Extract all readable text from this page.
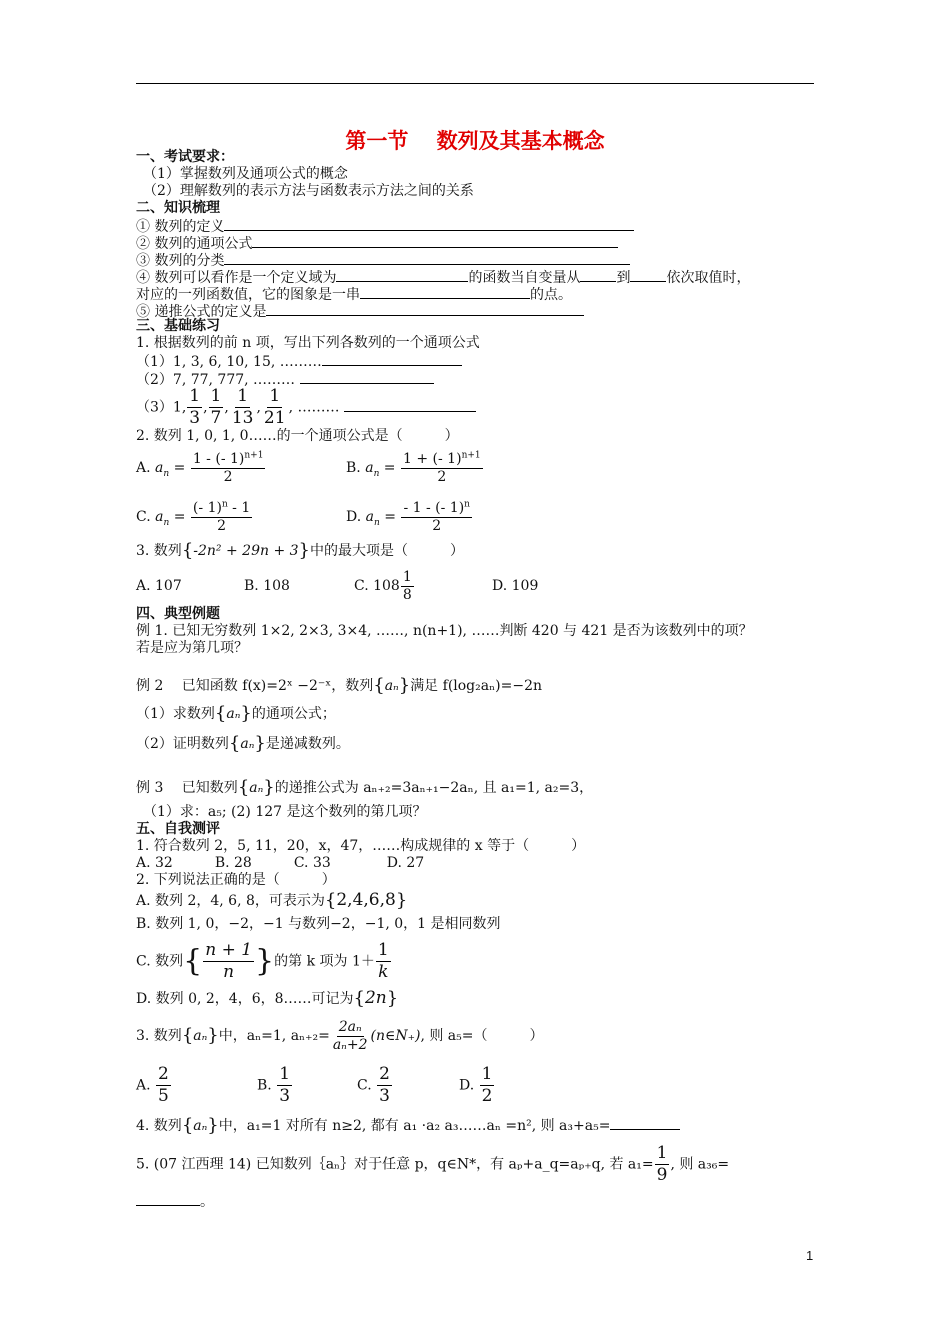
第一节　 数列及其基本概念
一、考试要求：
（1）掌握数列及通项公式的概念
（2）理解数列的表示方法与函数表示方法之间的关系
二、知识梳理
① 数列的定义
② 数列的通项公式
③ 数列的分类
④ 数列可以看作是一个定义域为	的函数当自变量从	到	依次取值时，
对应的一列函数值，它的图象是一串	的点。
⑤ 递推公式的定义是
三、基础练习
1. 根据数列的前 n 项，写出下列各数列的一个通项公式
（1）1, 3, 6, 10, 15, ………
（2）7, 77, 777, ………
（3）1, $\frac{1}{3}$ , $\frac{1}{7}$ , $\frac{1}{13}$ , $\frac{1}{21}$ , ………
2. 数列 1, 0, 1, 0……的一个通项公式是（　　　）
A. $a_n = \frac{1 - (- 1)^{n+1}}{2}$	B. $a_n = \frac{1 + (- 1)^{n+1}}{2}$
C. $a_n = \frac{(- 1)^n - 1}{2}$	D. $a_n = \frac{- 1 - (- 1)^n}{2}$
3. 数列{-2n² + 29n + 3}中的最大项是（　　　）
A. 107	B. 108	C. $108 \frac{1}{8}$	D. 109
四、典型例题
例 1. 已知无穷数列 1×2, 2×3, 3×4, ……, n(n+1), ……判断 420 与 421 是否为该数列中的项？
若是应为第几项？
例 2　 已知函数 f(x)=2ˣ −2⁻ˣ，数列{aₙ}满足 f(log₂aₙ)=−2n
（1）求数列{aₙ}的通项公式；
（2）证明数列{aₙ}是递减数列。
例 3　 已知数列{aₙ}的递推公式为 aₙ₊₂=3aₙ₊₁−2aₙ, 且 a₁=1, a₂=3，
（1）求：a₅; (2) 127 是这个数列的第几项？
五、自我测评
1. 符合数列 2，5, 11，20，x，47，……构成规律的 x 等于（　　　）
A. 32　　　B. 28　　　C. 33　　　　D. 27
2. 下列说法正确的是（　　　）
A. 数列 2，4, 6, 8，可表示为{2,4,6,8}
B. 数列 1, 0，−2，−1 与数列−2，−1, 0，1 是相同数列
C. 数列{ $\frac{n + 1}{n}$ }的第 k 项为 $1+ \frac{1}{k}$
D. 数列 0, 2，4，6，8……可记为{2n}
3. 数列{aₙ}中，aₙ=1, $a_{n+2}= \frac{\text{2aₙ}}{\text{aₙ+2}}$ (n∈N₊), 则 a₅=（　　　）
A. $\frac{2}{5}$	B. $\frac{1}{3}$	C. $\frac{2}{3}$	D. $\frac{1}{2}$
4. 数列{aₙ}中，a₁=1 对所有 n≥2, 都有 a₁ ·a₂ a₃……aₙ =n², 则 a₃+a₅=
5. (07 江西理 14) 已知数列｛aₙ｝对于任意 p，q∈N*，有 aₚ+a_q=aₚ₊q, 若 $a_1= \frac{1}{9}$ , 则 a₃₆=
。
1
